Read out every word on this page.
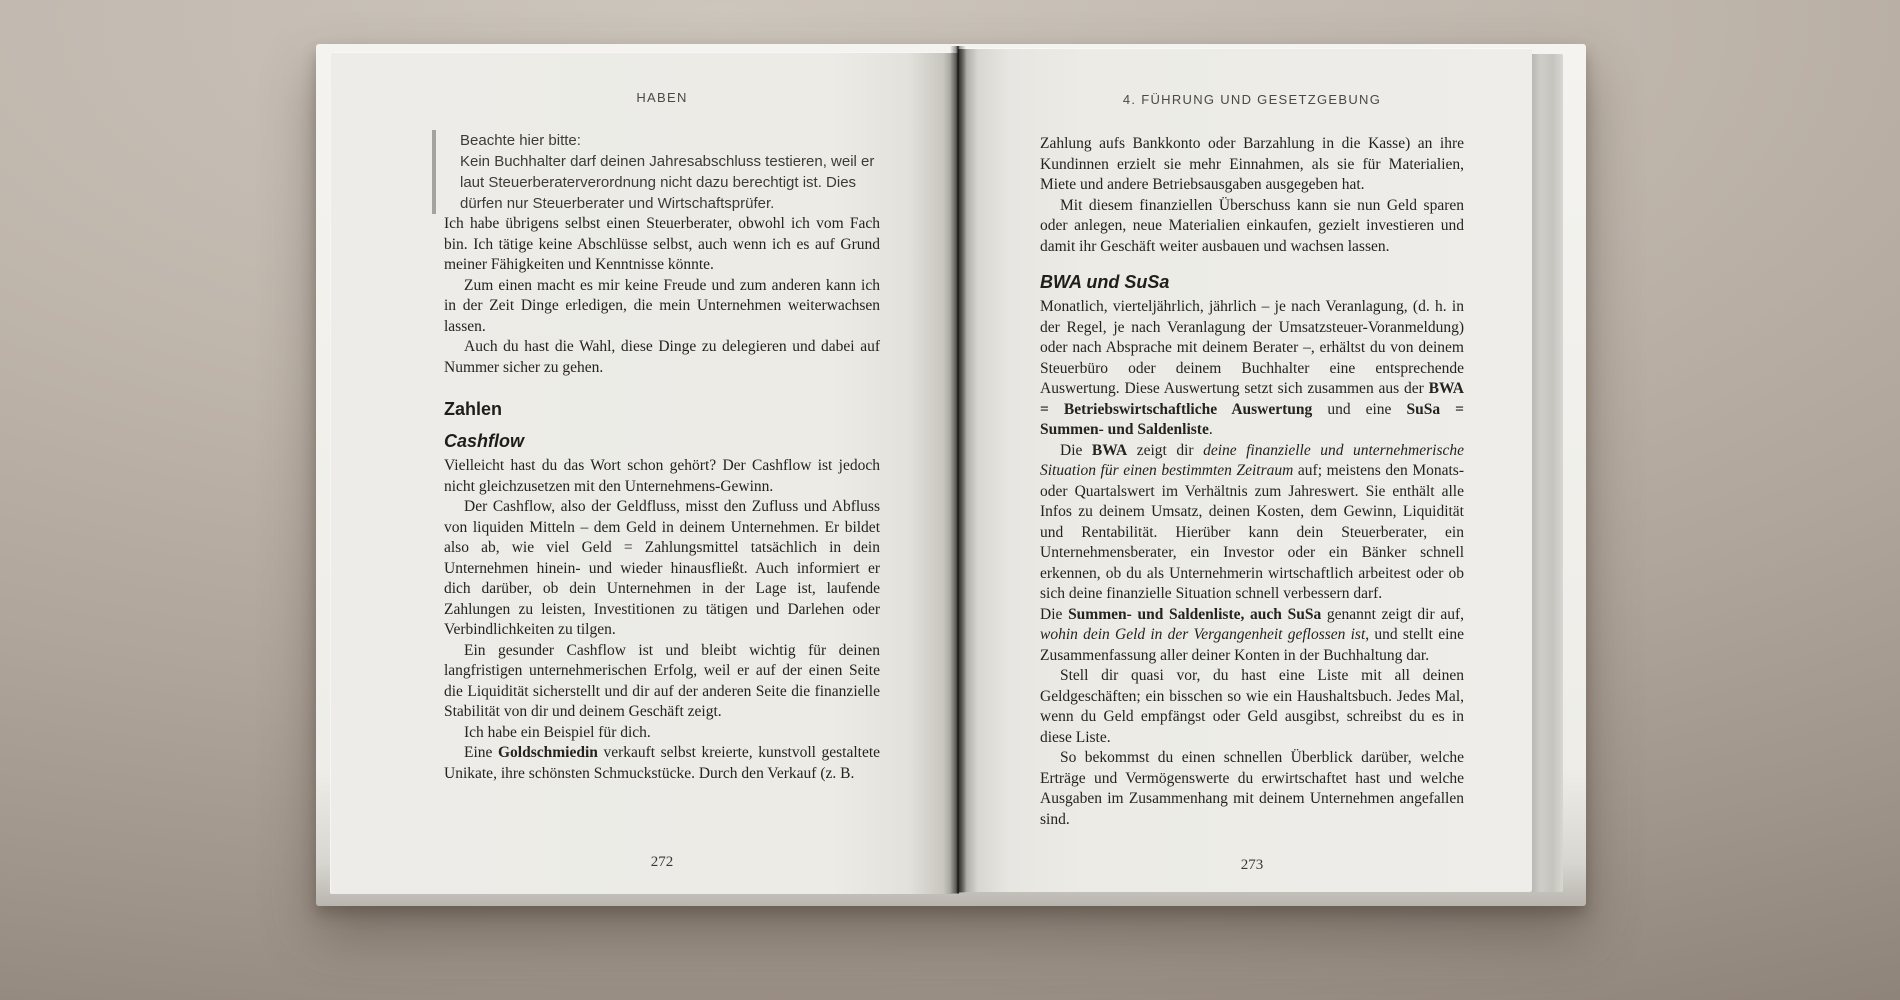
HABEN
Beachte hier bitte:
Kein Buchhalter darf deinen Jahresabschluss testieren, weil er laut Steuerberaterverordnung nicht dazu berechtigt ist. Dies dürfen nur Steuerberater und Wirtschaftsprüfer.

Ich habe übrigens selbst einen Steuerberater, obwohl ich vom Fach bin. Ich tätige keine Abschlüsse selbst, auch wenn ich es auf Grund meiner Fähigkeiten und Kenntnisse könnte.

Zum einen macht es mir keine Freude und zum anderen kann ich in der Zeit Dinge erledigen, die mein Unternehmen weiterwachsen lassen.

Auch du hast die Wahl, diese Dinge zu delegieren und dabei auf Nummer sicher zu gehen.

Zahlen
Cashflow

Vielleicht hast du das Wort schon gehört? Der Cashflow ist jedoch nicht gleichzusetzen mit den Unternehmens-Gewinn.

Der Cashflow, also der Geldfluss, misst den Zufluss und Abfluss von liquiden Mitteln – dem Geld in deinem Unternehmen. Er bildet also ab, wie viel Geld = Zahlungsmittel tatsächlich in dein Unternehmen hinein- und wieder hinausfließt. Auch informiert er dich darüber, ob dein Unternehmen in der Lage ist, laufende Zahlungen zu leisten, Investitionen zu tätigen und Darlehen oder Verbindlichkeiten zu tilgen.

Ein gesunder Cashflow ist und bleibt wichtig für deinen langfristigen unternehmerischen Erfolg, weil er auf der einen Seite die Liquidität sicherstellt und dir auf der anderen Seite die finanzielle Stabilität von dir und deinem Geschäft zeigt.

Ich habe ein Beispiel für dich.

Eine Goldschmiedin verkauft selbst kreierte, kunstvoll gestaltete Unikate, ihre schönsten Schmuckstücke. Durch den Verkauf (z. B.

272
4. FÜHRUNG UND GESETZGEBUNG

Zahlung aufs Bankkonto oder Barzahlung in die Kasse) an ihre Kundinnen erzielt sie mehr Einnahmen, als sie für Materialien, Miete und andere Betriebsausgaben ausgegeben hat.

Mit diesem finanziellen Überschuss kann sie nun Geld sparen oder anlegen, neue Materialien einkaufen, gezielt investieren und damit ihr Geschäft weiter ausbauen und wachsen lassen.

BWA und SuSa

Monatlich, vierteljährlich, jährlich – je nach Veranlagung, (d. h. in der Regel, je nach Veranlagung der Umsatzsteuer-Voranmeldung) oder nach Absprache mit deinem Berater –, erhältst du von deinem Steuerbüro oder deinem Buchhalter eine entsprechende Auswertung. Diese Auswertung setzt sich zusammen aus der BWA = Betriebswirtschaftliche Auswertung und eine SuSa = Summen- und Saldenliste.

Die BWA zeigt dir deine finanzielle und unternehmerische Situation für einen bestimmten Zeitraum auf; meistens den Monats- oder Quartalswert im Verhältnis zum Jahreswert. Sie enthält alle Infos zu deinem Umsatz, deinen Kosten, dem Gewinn, Liquidität und Rentabilität. Hierüber kann dein Steuerberater, ein Unternehmensberater, ein Investor oder ein Bänker schnell erkennen, ob du als Unternehmerin wirtschaftlich arbeitest oder ob sich deine finanzielle Situation schnell verbessern darf.

Die Summen- und Saldenliste, auch SuSa genannt zeigt dir auf, wohin dein Geld in der Vergangenheit geflossen ist, und stellt eine Zusammenfassung aller deiner Konten in der Buchhaltung dar.

Stell dir quasi vor, du hast eine Liste mit all deinen Geldgeschäften; ein bisschen so wie ein Haushaltsbuch. Jedes Mal, wenn du Geld empfängst oder Geld ausgibst, schreibst du es in diese Liste.

So bekommst du einen schnellen Überblick darüber, welche Erträge und Vermögenswerte du erwirtschaftet hast und welche Ausgaben im Zusammenhang mit deinem Unternehmen angefallen sind.

273
